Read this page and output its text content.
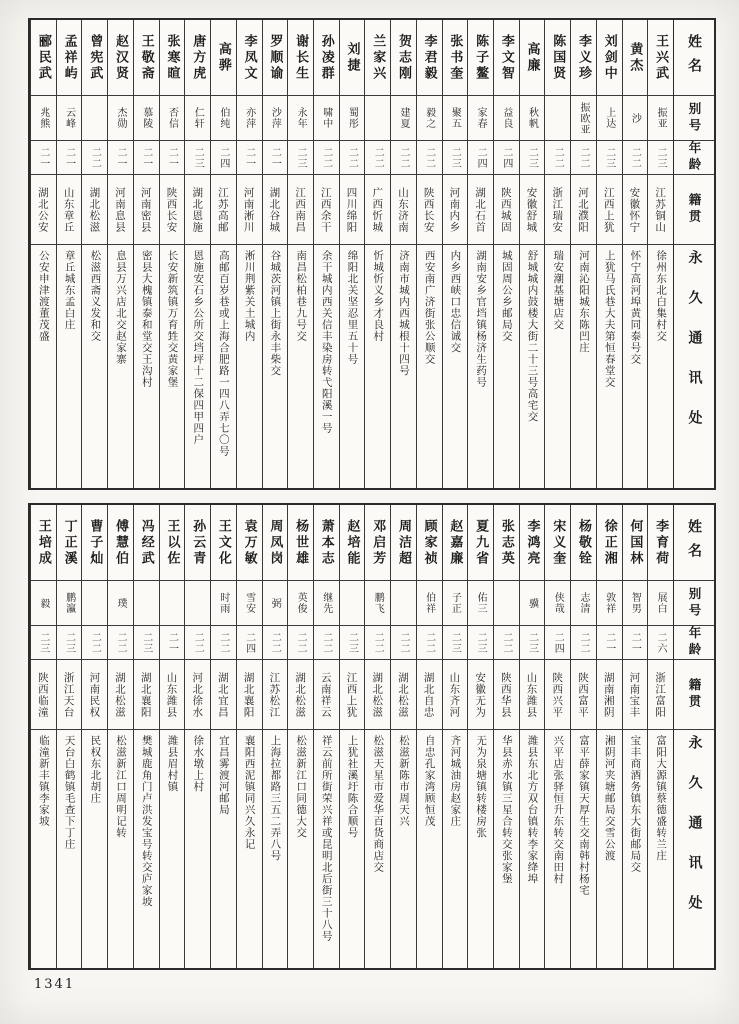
姓名
别号
年龄
籍贯
永久通讯处
王兴武
振亚
二三
江苏铜山
徐州东北白集村交
黄杰
沙
二二
安徽怀宁
怀宁高河埠黄同泰号交
刘剑中
上达
二三
江西上犹
上犹马氏巷大夫第恒春堂交
李义珍
振欧亚
二二
河北濮阳
河南沁阳城东陈凹庄
陈国贤
二二
浙江瑞安
瑞安潮基塘店交
高廉
秋帆
二三
安徽舒城
舒城城内鼓楼大街二十三号高宅交
李文智
益良
二四
陕西城固
城固周公乡邮局交
陈子鳌
家春
二四
湖北石首
湖南安乡官垱镇杨济生药号
张书奎
聚五
二三
河南内乡
内乡西峡口忠信诚交
李君毅
毅之
二二
陕西长安
西安南广济街张公顺交
贺志刚
建夏
二二
山东济南
济南市城内西城根十四号
兰家兴
二二
广西忻城
忻城忻义乡才良村
刘捷
蜀彤
二二
四川绵阳
绵阳北关坚忍里五十号
孙凌群
啸中
二二
江西余干
余干城内西关信丰染房转弋阳溪一号
谢长生
永年
二三
江西南昌
南昌松柏巷九号交
罗顺谕
沙萍
二一
湖北谷城
谷城茨河镇上街永丰柴交
李凤文
亦萍
二一
河南淅川
淅川荆紫关土城内
高骅
伯纯
二四
江苏高邮
高邮百岁巷或上海合肥路一四八弄七〇号
唐方虎
仁轩
二三
湖北恩施
恩施安石乡公所交垱坪十二保四甲四户
张寒暄
否信
二一
陕西长安
长安新筑镇万育甡交黄家堡
王敬斋
慕陵
二一
河南密县
密县大槐镇泰和堂交王沟村
赵汉贤
杰勋
二一
河南息县
息县万兴店北交赵家寨
曾宪武
二二
湖北松滋
松滋西斋义发和交
孟祥屿
云峰
二一
山东章丘
章丘城东孟白庄
郦民武
兆熊
二一
湖北公安
公安申津渡董茂盛
姓名
别号
年龄
籍贯
永久通讯处
李育荷
展白
二六
浙江富阳
富阳大源镇蔡德盛转兰庄
何国林
智男
二一
河南宝丰
宝丰商酒务镇东大街邮局交
徐正湘
敦祥
二一
湖南湘阴
湘阴河夹塘邮局交雪公渡
杨敬铨
志清
二二
陕西富平
富平薛家镇天厚生交南韩村杨宅
宋义奎
侠哉
二四
陕西兴平
兴平店张驿恒升东转交南田村
李鸿亮
骥
二三
山东潍县
潍县东北方双台镇转李家绛埠
张志英
二二
陕西华县
华县赤水镇三星合转交张家堡
夏九省
佑三
二三
安徽无为
无为泉塘镇转楼房张
赵嘉廉
子正
二三
山东齐河
齐河城油房赵家庄
顾家祯
伯祥
二二
湖北自忠
自忠孔家湾顾恒茂
周洁超
二二
湖北松滋
松滋新陈市周天兴
邓启芳
鹏飞
二二
湖北松滋
松滋天星市爱华百货商店交
赵培能
二三
江西上犹
上犹社溪圩陈合顺号
萧本志
继先
二二
云南祥云
祥云前所街荣兴祥或昆明北后街三十八号
杨世雄
英俊
二二
湖北松滋
松滋新江口同德大交
周凤岗
弼
二二
江苏松江
上海拉都路三五二弄八号
袁万敏
雪安
二四
湖北襄阳
襄阳西泥镇同兴久永记
王文化
时雨
二二
湖北宜昌
宜昌雾渡河邮局
孙云青
二二
河北徐水
徐水墩上村
王以佐
二一
山东潍县
潍县眉村镇
冯经武
二三
湖北襄阳
樊城鹿角门卢洪发宝号转交庐家坡
傅慧伯
璞
二二
湖北松滋
松滋新江口周明记转
曹子灿
二二
河南民权
民权东北胡庄
丁正溪
鹏瀛
二三
浙江天台
天台白鹤镇毛查下丁庄
王培成
毅
二三
陕西临潼
临潼新丰镇李家坡
1341
